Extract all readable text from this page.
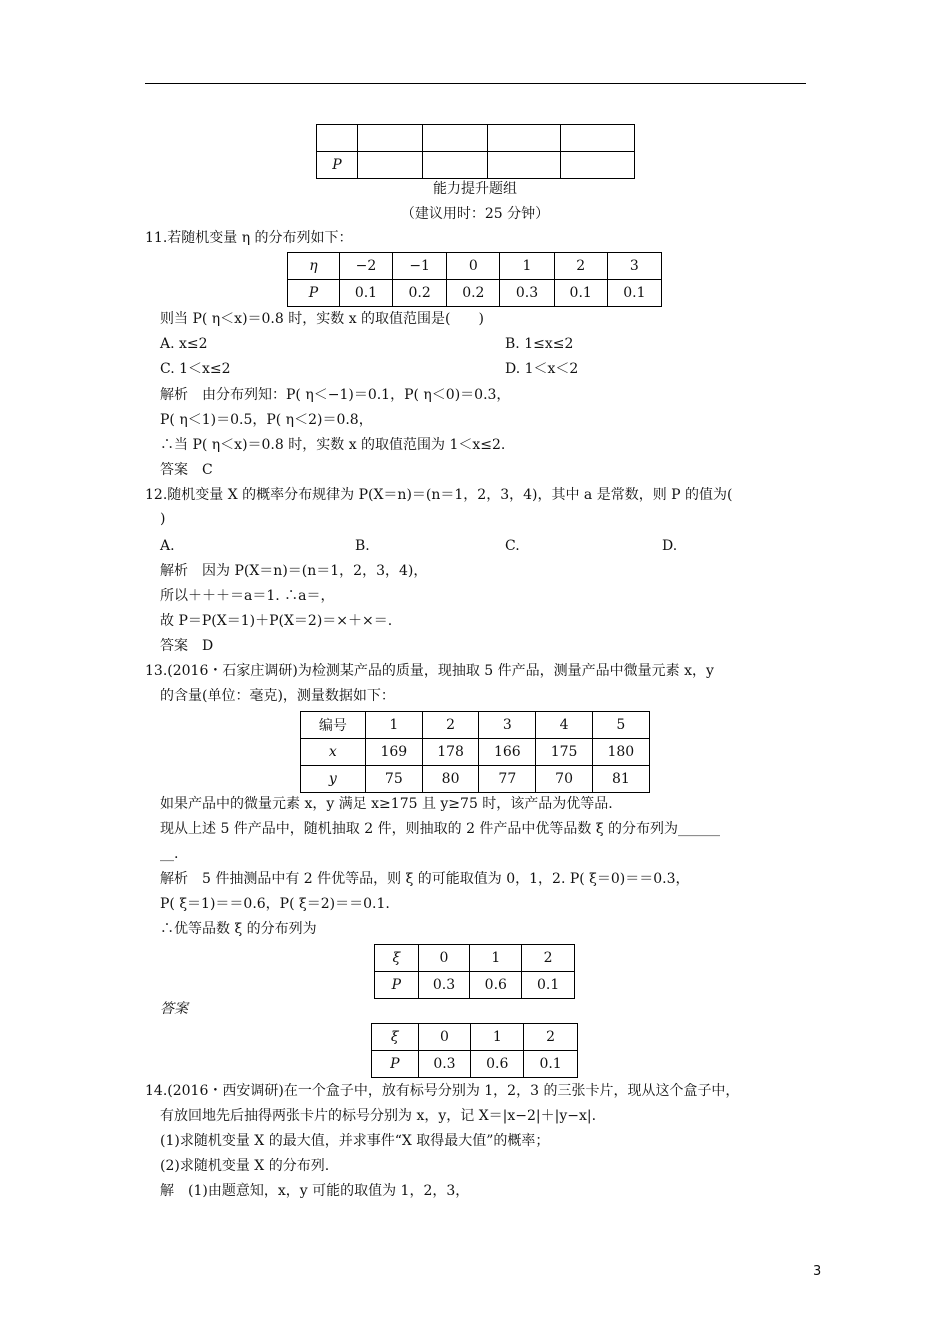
P				
能力提升题组
（建议用时：25 分钟）
11.若随机变量 η 的分布列如下：
η	−2	−1	0	1	2	3
P	0.1	0.2	0.2	0.3	0.1	0.1
则当 P( η＜x)＝0.8 时，实数 x 的取值范围是(　　)
A. x≤2	B. 1≤x≤2
C. 1＜x≤2	D. 1＜x＜2
解析　由分布列知：P( η＜−1)＝0.1，P( η＜0)＝0.3，
P( η＜1)＝0.5，P( η＜2)＝0.8，
∴当 P( η＜x)＝0.8 时，实数 x 的取值范围为 1＜x≤2.
答案　C
12.随机变量 X 的概率分布规律为 P(X＝n)＝(n＝1，2，3，4)，其中 a 是常数，则 P 的值为(
)
A.	B.	C.	D.
解析　因为 P(X＝n)＝(n＝1，2，3，4)，
所以＋＋＋＝a＝1. ∴a＝，
故 P＝P(X＝1)＋P(X＝2)＝×＋×＝.
答案　D
13.(2016・石家庄调研)为检测某产品的质量，现抽取 5 件产品，测量产品中微量元素 x，y
的含量(单位：毫克)，测量数据如下：
编号	1	2	3	4	5
x	169	178	166	175	180
y	75	80	77	70	81
如果产品中的微量元素 x，y 满足 x≥175 且 y≥75 时，该产品为优等品.
现从上述 5 件产品中，随机抽取 2 件，则抽取的 2 件产品中优等品数 ξ 的分布列为______
__.
解析　5 件抽测品中有 2 件优等品，则 ξ 的可能取值为 0，1，2. P( ξ＝0)＝＝0.3，
P( ξ＝1)＝＝0.6，P( ξ＝2)＝＝0.1.
∴优等品数 ξ 的分布列为
ξ	0	1	2
P	0.3	0.6	0.1
答案
ξ	0	1	2
P	0.3	0.6	0.1
14.(2016・西安调研)在一个盒子中，放有标号分别为 1，2，3 的三张卡片，现从这个盒子中，
有放回地先后抽得两张卡片的标号分别为 x，y，记 X＝|x−2|＋|y−x|.
(1)求随机变量 X 的最大值，并求事件“X 取得最大值”的概率；
(2)求随机变量 X 的分布列.
解　(1)由题意知，x，y 可能的取值为 1，2，3，
3
